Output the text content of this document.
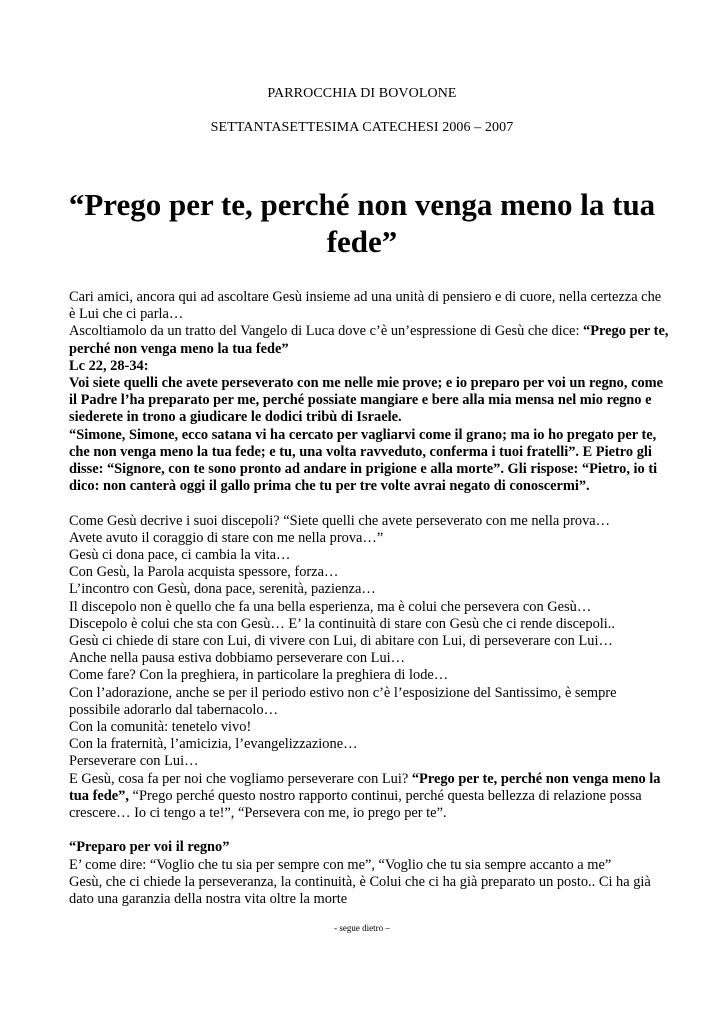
PARROCCHIA DI BOVOLONE
SETTANTASETTESIMA CATECHESI 2006 – 2007
“Prego per te, perché non venga meno la tua fede”

Cari amici, ancora qui ad ascoltare Gesù insieme ad una unità di pensiero e di cuore, nella certezza che è Lui che ci parla…

Ascoltiamolo da un tratto del Vangelo di Luca dove c’è un’espressione di Gesù che dice: “Prego per te, perché non venga meno la tua fede”

Lc 22, 28-34:

Voi siete quelli che avete perseverato con me nelle mie prove; e io preparo per voi un regno, come il Padre l’ha preparato per me, perché possiate mangiare e bere alla mia mensa nel mio regno e siederete in trono a giudicare le dodici tribù di Israele.

“Simone, Simone, ecco satana vi ha cercato per vagliarvi come il grano; ma io ho pregato per te, che non venga meno la tua fede; e tu, una volta ravveduto, conferma i tuoi fratelli”. E Pietro gli disse: “Signore, con te sono pronto ad andare in prigione e alla morte”. Gli rispose: “Pietro, io ti dico: non canterà oggi il gallo prima che tu per tre volte avrai negato di conoscermi”.

Come Gesù decrive i suoi discepoli? “Siete quelli che avete perseverato con me nella prova…

Avete avuto il coraggio di stare con me nella prova…”

Gesù ci dona pace, ci cambia la vita…

Con Gesù, la Parola acquista spessore, forza…

L’incontro con Gesù, dona pace, serenità, pazienza…

Il discepolo non è quello che fa una bella esperienza, ma è colui che persevera con Gesù…

Discepolo è colui che sta con Gesù… E’ la continuità di stare con Gesù che ci rende discepoli..

Gesù ci chiede di stare con Lui, di vivere con Lui, di abitare con Lui, di perseverare con Lui…

Anche nella pausa estiva dobbiamo perseverare con Lui…

Come fare? Con la preghiera, in particolare la preghiera di lode…

Con l’adorazione, anche se per il periodo estivo non c’è l’esposizione del Santissimo, è sempre possibile adorarlo dal tabernacolo…

Con la comunità: tenetelo vivo!

Con la fraternità, l’amicizia, l’evangelizzazione…

Perseverare con Lui…

E Gesù, cosa fa per noi che vogliamo perseverare con Lui? “Prego per te, perché non venga meno la tua fede”, “Prego perché questo nostro rapporto continui, perché questa bellezza di relazione possa crescere… Io ci tengo a te!”, “Persevera con me, io prego per te”.

“Preparo per voi il regno”

E’ come dire: “Voglio che tu sia per sempre con me”, “Voglio che tu sia sempre accanto a me”

Gesù, che ci chiede la perseveranza, la continuità, è Colui che ci ha già preparato un posto.. Ci ha già dato una garanzia della nostra vita oltre la morte

- segue dietro –
